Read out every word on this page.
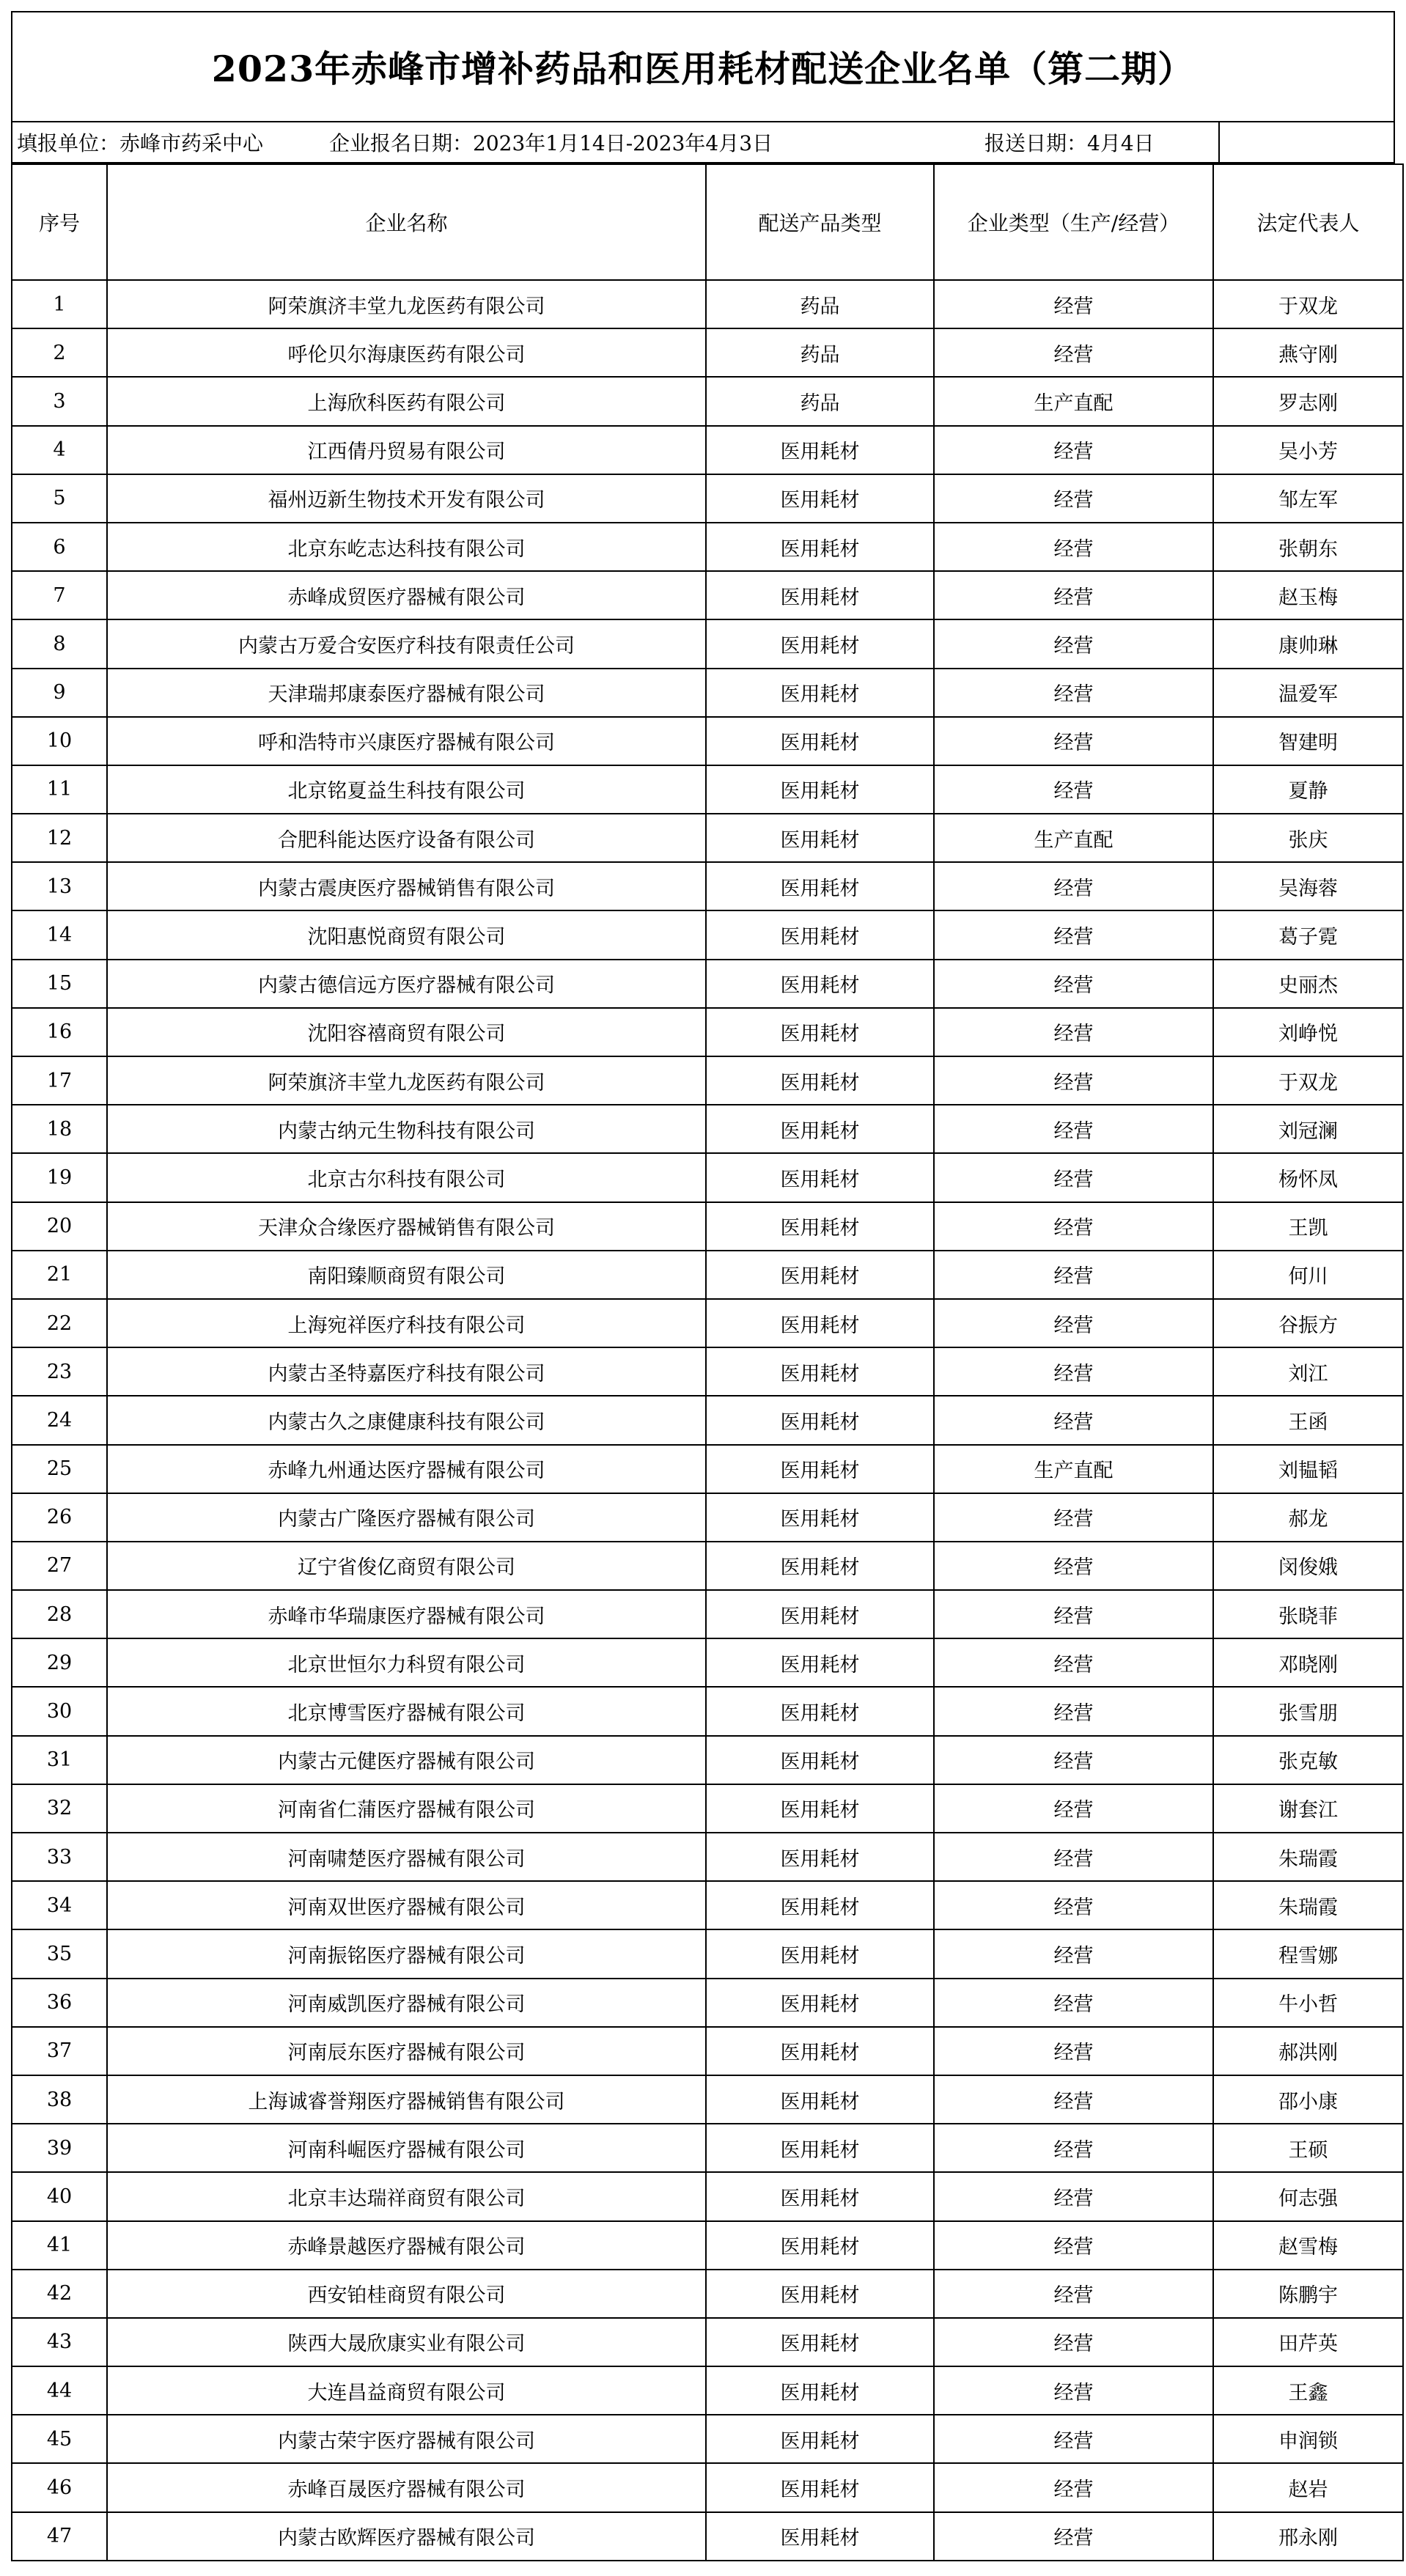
2023年赤峰市增补药品和医用耗材配送企业名单（第二期）
填报单位：赤峰市药采中心	企业报名日期：2023年1月14日-2023年4月3日	报送日期：4月4日
序号	企业名称	配送产品类型	企业类型（生产/经营）	法定代表人
1	阿荣旗济丰堂九龙医药有限公司	药品	经营	于双龙
2	呼伦贝尔海康医药有限公司	药品	经营	燕守刚
3	上海欣科医药有限公司	药品	生产直配	罗志刚
4	江西倩丹贸易有限公司	医用耗材	经营	吴小芳
5	福州迈新生物技术开发有限公司	医用耗材	经营	邹左军
6	北京东屹志达科技有限公司	医用耗材	经营	张朝东
7	赤峰成贸医疗器械有限公司	医用耗材	经营	赵玉梅
8	内蒙古万爱合安医疗科技有限责任公司	医用耗材	经营	康帅琳
9	天津瑞邦康泰医疗器械有限公司	医用耗材	经营	温爱军
10	呼和浩特市兴康医疗器械有限公司	医用耗材	经营	智建明
11	北京铭夏益生科技有限公司	医用耗材	经营	夏静
12	合肥科能达医疗设备有限公司	医用耗材	生产直配	张庆
13	内蒙古震庚医疗器械销售有限公司	医用耗材	经营	吴海蓉
14	沈阳惠悦商贸有限公司	医用耗材	经营	葛子霓
15	内蒙古德信远方医疗器械有限公司	医用耗材	经营	史丽杰
16	沈阳容禧商贸有限公司	医用耗材	经营	刘峥悦
17	阿荣旗济丰堂九龙医药有限公司	医用耗材	经营	于双龙
18	内蒙古纳元生物科技有限公司	医用耗材	经营	刘冠澜
19	北京古尔科技有限公司	医用耗材	经营	杨怀凤
20	天津众合缘医疗器械销售有限公司	医用耗材	经营	王凯
21	南阳臻顺商贸有限公司	医用耗材	经营	何川
22	上海宛祥医疗科技有限公司	医用耗材	经营	谷振方
23	内蒙古圣特嘉医疗科技有限公司	医用耗材	经营	刘江
24	内蒙古久之康健康科技有限公司	医用耗材	经营	王函
25	赤峰九州通达医疗器械有限公司	医用耗材	生产直配	刘韫韬
26	内蒙古广隆医疗器械有限公司	医用耗材	经营	郝龙
27	辽宁省俊亿商贸有限公司	医用耗材	经营	闵俊娥
28	赤峰市华瑞康医疗器械有限公司	医用耗材	经营	张晓菲
29	北京世恒尔力科贸有限公司	医用耗材	经营	邓晓刚
30	北京博雪医疗器械有限公司	医用耗材	经营	张雪朋
31	内蒙古元健医疗器械有限公司	医用耗材	经营	张克敏
32	河南省仁蒲医疗器械有限公司	医用耗材	经营	谢套江
33	河南啸楚医疗器械有限公司	医用耗材	经营	朱瑞霞
34	河南双世医疗器械有限公司	医用耗材	经营	朱瑞霞
35	河南振铭医疗器械有限公司	医用耗材	经营	程雪娜
36	河南威凯医疗器械有限公司	医用耗材	经营	牛小哲
37	河南辰东医疗器械有限公司	医用耗材	经营	郝洪刚
38	上海诚睿誉翔医疗器械销售有限公司	医用耗材	经营	邵小康
39	河南科崛医疗器械有限公司	医用耗材	经营	王硕
40	北京丰达瑞祥商贸有限公司	医用耗材	经营	何志强
41	赤峰景越医疗器械有限公司	医用耗材	经营	赵雪梅
42	西安铂桂商贸有限公司	医用耗材	经营	陈鹏宇
43	陕西大晟欣康实业有限公司	医用耗材	经营	田芹英
44	大连昌益商贸有限公司	医用耗材	经营	王鑫
45	内蒙古荣宇医疗器械有限公司	医用耗材	经营	申润锁
46	赤峰百晟医疗器械有限公司	医用耗材	经营	赵岩
47	内蒙古欧辉医疗器械有限公司	医用耗材	经营	邢永刚
